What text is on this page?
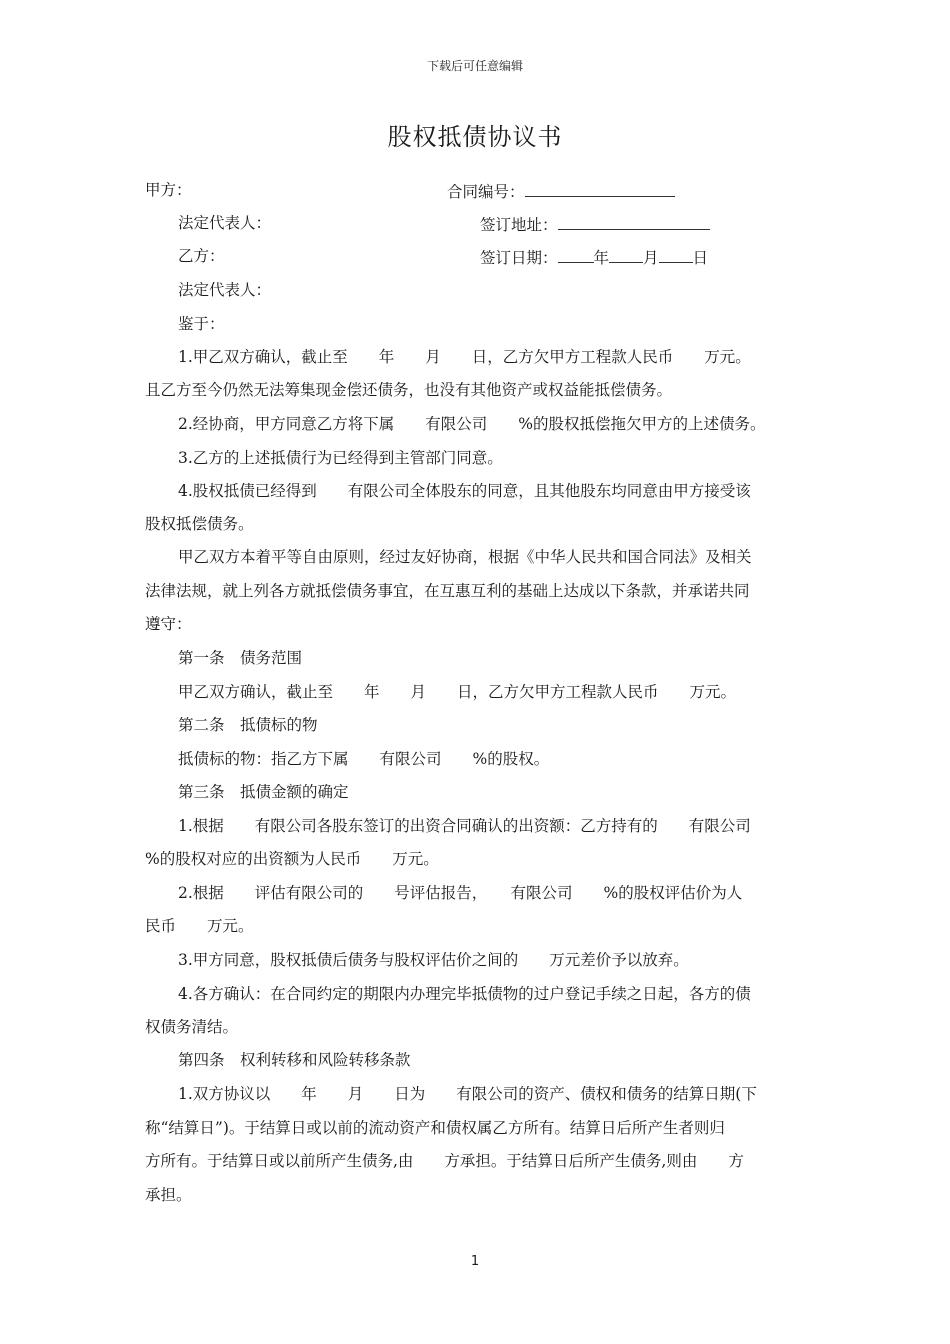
下载后可任意编辑
股权抵债协议书
甲方：	合同编号：
法定代表人：	签订地址：
乙方：	签订日期： 年 月 日
法定代表人：
鉴于：
1.甲乙双方确认，截止至　　年　　月　　日，乙方欠甲方工程款人民币　　万元。
且乙方至今仍然无法筹集现金偿还债务，也没有其他资产或权益能抵偿债务。
2.经协商，甲方同意乙方将下属　　有限公司　　%的股权抵偿拖欠甲方的上述债务。
3.乙方的上述抵债行为已经得到主管部门同意。
4.股权抵债已经得到　　有限公司全体股东的同意，且其他股东均同意由甲方接受该
股权抵偿债务。
甲乙双方本着平等自由原则，经过友好协商，根据《中华人民共和国合同法》及相关
法律法规，就上列各方就抵偿债务事宜，在互惠互利的基础上达成以下条款，并承诺共同
遵守：
第一条　债务范围
甲乙双方确认，截止至　　年　　月　　日，乙方欠甲方工程款人民币　　万元。
第二条　抵债标的物
抵债标的物：指乙方下属　　有限公司　　%的股权。
第三条　抵债金额的确定
1.根据　　有限公司各股东签订的出资合同确认的出资额：乙方持有的　　有限公司
%的股权对应的出资额为人民币　　万元。
2.根据　　评估有限公司的　　号评估报告，　　有限公司　　%的股权评估价为人
民币　　万元。
3.甲方同意，股权抵债后债务与股权评估价之间的　　万元差价予以放弃。
4.各方确认：在合同约定的期限内办理完毕抵债物的过户登记手续之日起，各方的债
权债务清结。
第四条　权利转移和风险转移条款
1.双方协议以　　年　　月　　日为　　有限公司的资产、债权和债务的结算日期(下
称“结算日”)。于结算日或以前的流动资产和债权属乙方所有。结算日后所产生者则归
方所有。于结算日或以前所产生债务,由　　方承担。于结算日后所产生债务,则由　　方
承担。
1
